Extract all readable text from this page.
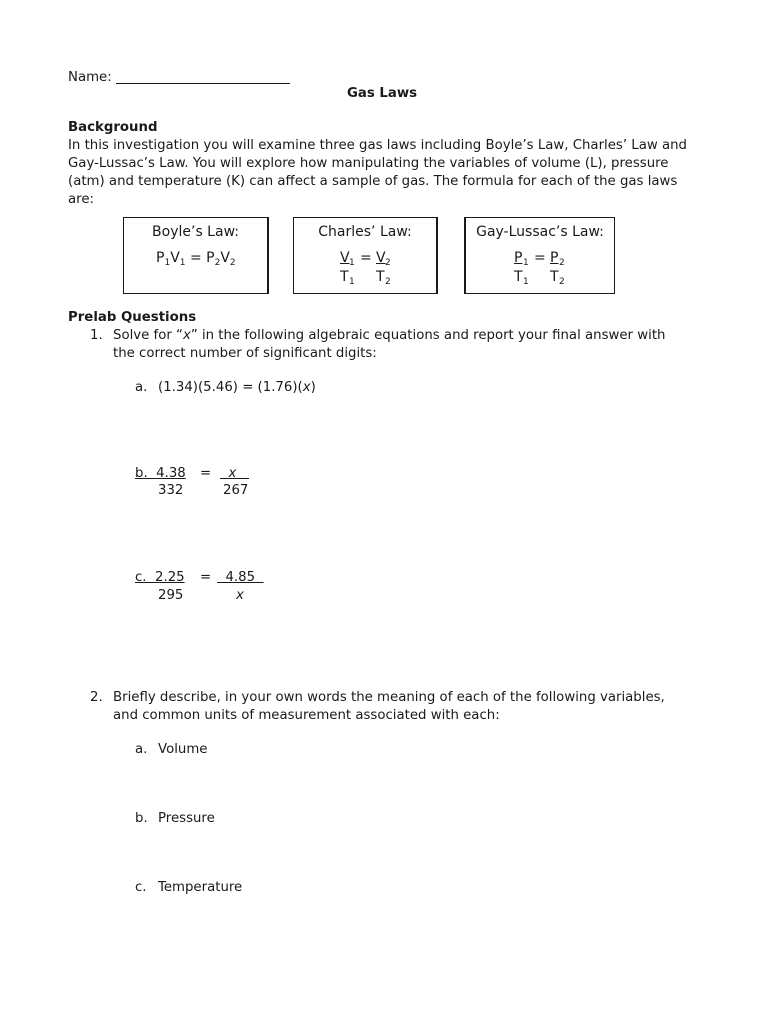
Name:
Gas Laws
Background
In this investigation you will examine three gas laws including Boyle’s Law, Charles’ Law and Gay-Lussac’s Law. You will explore how manipulating the variables of volume (L), pressure (atm) and temperature (K) can affect a sample of gas. The formula for each of the gas laws are:
Boyle’s Law:
$P_1V_1 = P_2V_2$
Charles’ Law:
V 1 = V 2
T 1 T 2
Gay-Lussac’s Law:
P 1 = P 2
T 1 T 2
Prelab Questions
1. Solve for “x” in the following algebraic equations and report your final answer with
the correct number of significant digits:
a. (1.34)(5.46) = (1.76)(x)
b. 4.38
332
=	x
267
c. 2.25
295
=	4.85
x
2. Briefly describe, in your own words the meaning of each of the following variables,
and common units of measurement associated with each:
a. Volume
b. Pressure
c. Temperature
